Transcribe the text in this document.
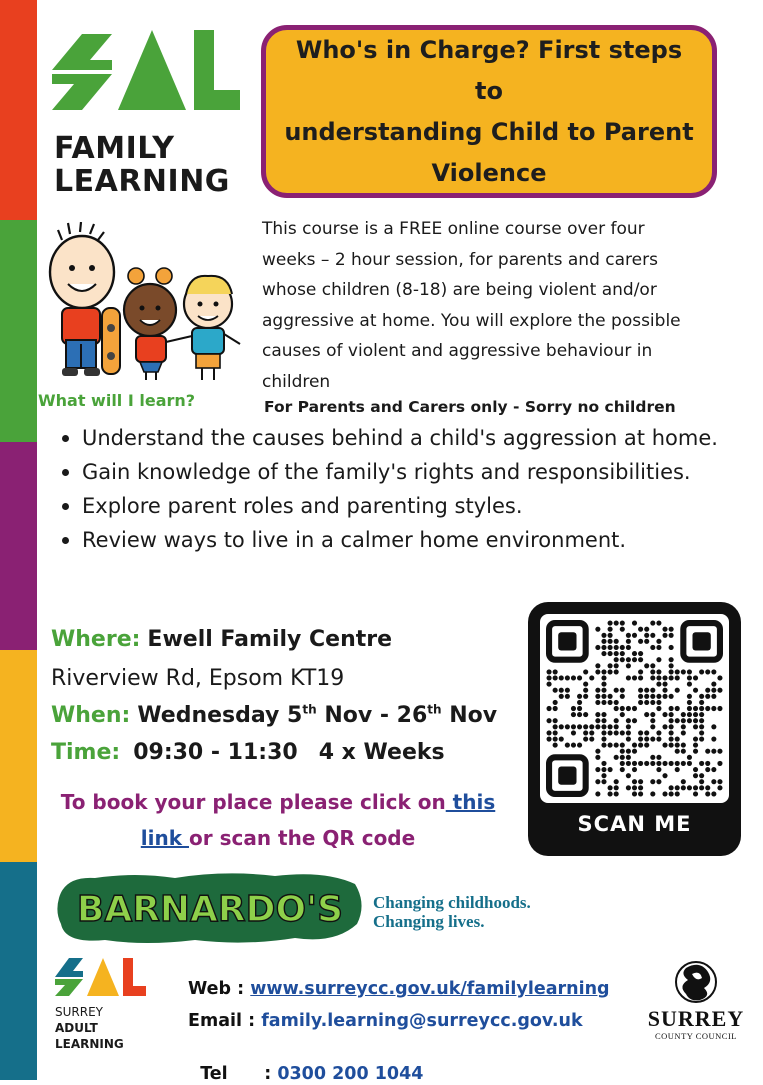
FAMILY
LEARNING
Who's in Charge? First steps to
understanding Child to Parent
Violence
This course is a FREE online course over four
weeks – 2 hour session, for parents and carers
whose children (8-18) are being violent and/or
aggressive at home. You will explore the possible
causes of violent and aggressive behaviour in
children
What will I learn?	For Parents and Carers only - Sorry no children
Understand the causes behind a child's aggression at home.
Gain knowledge of the family's rights and responsibilities.
Explore parent roles and parenting styles.
Review ways to live in a calmer home environment.
Where: Ewell Family Centre
Riverview Rd, Epsom KT19
When: Wednesday 5th Nov - 26th Nov
Time: 09:30 - 11:30 4 x Weeks
To book your place please click on this
link or scan the QR code
SCAN ME
BARNARDO'S Changing childhoods.
Changing lives.
SURREY
ADULT
LEARNING
Web : www.surreycc.gov.uk/familylearning
Email : family.learning@surreycc.gov.uk

Tel      : 0300 200 1044

SURREY
COUNTY COUNCIL
